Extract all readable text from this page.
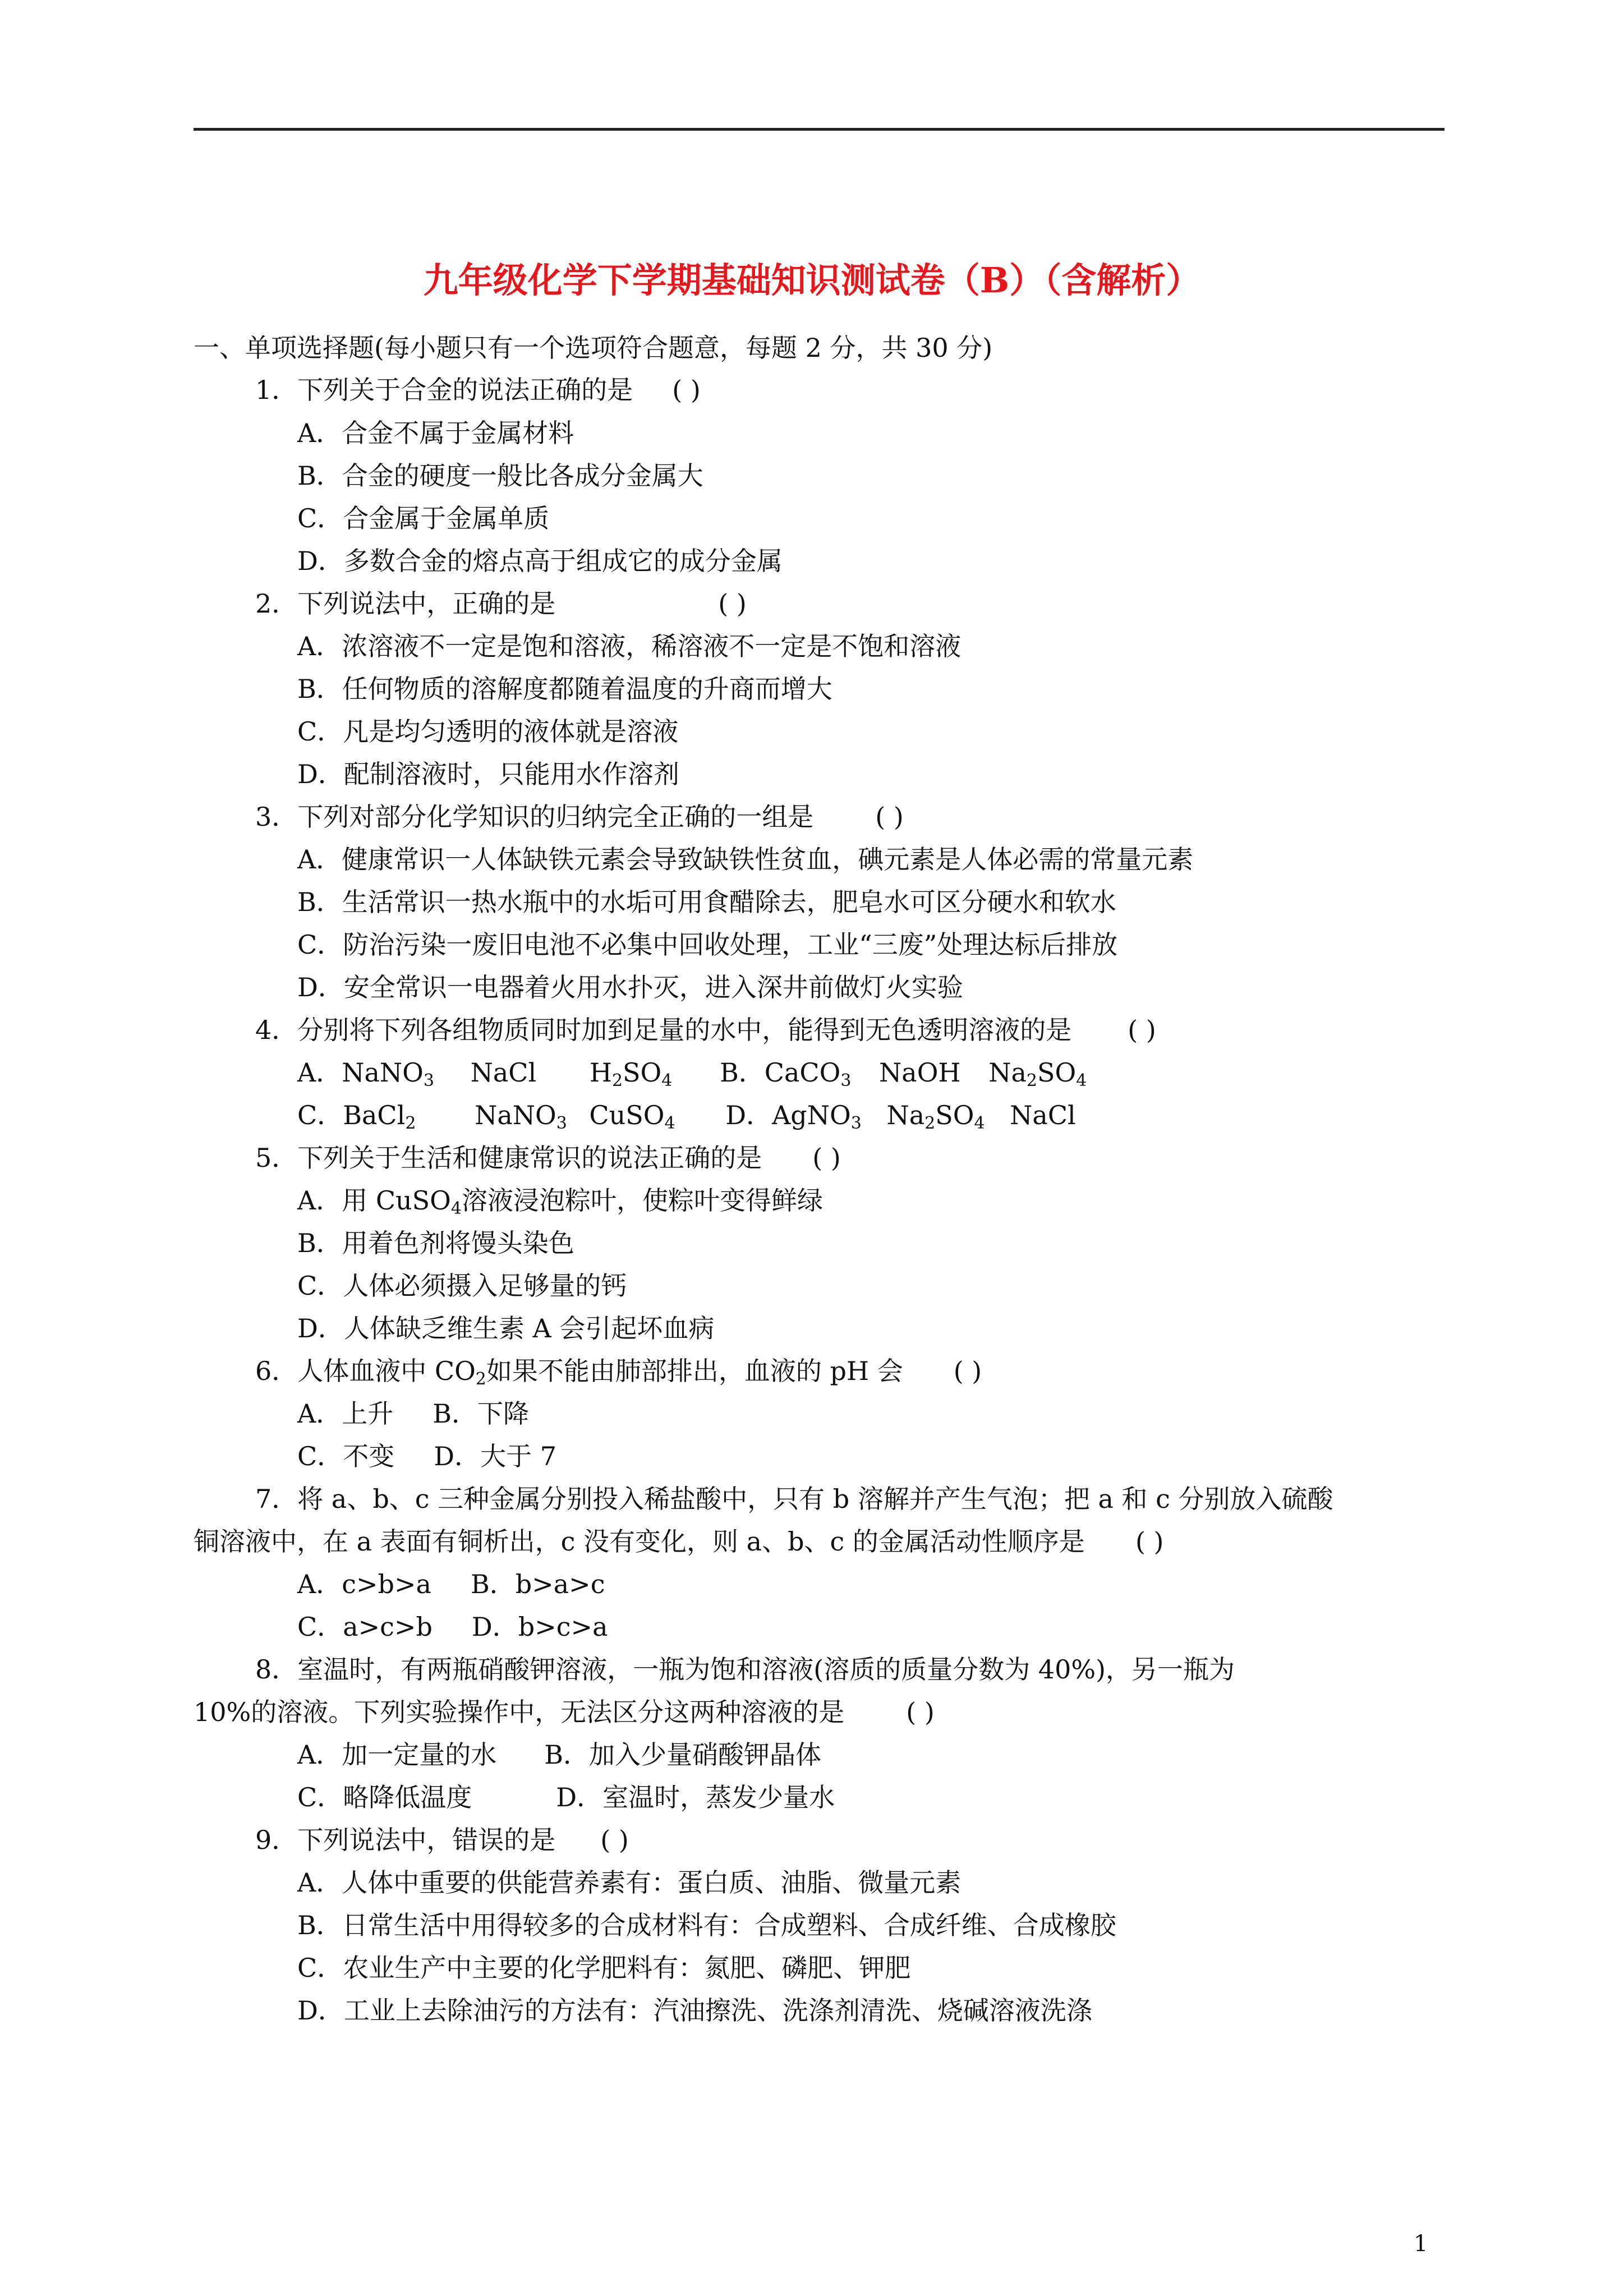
九年级化学下学期基础知识测试卷（B）（含解析）
一、单项选择题(每小题只有一个选项符合题意，每题 2 分，共 30 分)
1．下列关于合金的说法正确的是 ( )
A．合金不属于金属材料
B．合金的硬度一般比各成分金属大
C．合金属于金属单质
D．多数合金的熔点高于组成它的成分金属
2．下列说法中，正确的是	( )
A．浓溶液不一定是饱和溶液，稀溶液不一定是不饱和溶液
B．任何物质的溶解度都随着温度的升商而增大
C．凡是均匀透明的液体就是溶液
D．配制溶液时，只能用水作溶剂
3．下列对部分化学知识的归纳完全正确的一组是 ( )
A．健康常识一人体缺铁元素会导致缺铁性贫血，碘元素是人体必需的常量元素
B．生活常识一热水瓶中的水垢可用食醋除去，肥皂水可区分硬水和软水
C．防治污染一废旧电池不必集中回收处理，工业“三废”处理达标后排放
D．安全常识一电器着火用水扑灭，进入深井前做灯火实验
4．分别将下列各组物质同时加到足量的水中，能得到无色透明溶液的是 ( )
A．NaNO$_3$ NaCl $H_2SO_4$ B．CaCO$_3$ NaOH $Na_2SO_4$
C．BaCl$_2$ NaNO$_3$ CuSO$_4$ D．AgNO$_3$ $Na_2SO_4$ NaCl
5．下列关于生活和健康常识的说法正确的是 ( )
A．用 CuSO$_4$溶液浸泡粽叶，使粽叶变得鲜绿
B．用着色剂将馒头染色
C．人体必须摄入足够量的钙
D．人体缺乏维生素 A 会引起坏血病
6．人体血液中 $CO_2$如果不能由肺部排出，血液的 pH 会 ( )
A．上升 B．下降
C．不变 D．大于 7
7．将 a、b、c 三种金属分别投入稀盐酸中，只有 b 溶解并产生气泡；把 a 和 c 分别放入硫酸
铜溶液中，在 a 表面有铜析出，c 没有变化，则 a、b、c 的金属活动性顺序是 ( )
A．c>b>a B．b>a>c
C．a>c>b D．b>c>a
8．室温时，有两瓶硝酸钾溶液，一瓶为饱和溶液(溶质的质量分数为 40%)，另一瓶为
10%的溶液。下列实验操作中，无法区分这两种溶液的是 ( )
A．加一定量的水 B．加入少量硝酸钾晶体
C．略降低温度	D．室温时，蒸发少量水
9．下列说法中，错误的是 ( )
A．人体中重要的供能营养素有：蛋白质、油脂、微量元素
B．日常生活中用得较多的合成材料有：合成塑料、合成纤维、合成橡胶
C．农业生产中主要的化学肥料有：氮肥、磷肥、钾肥
D．工业上去除油污的方法有：汽油擦洗、洗涤剂清洗、烧碱溶液洗涤
1
